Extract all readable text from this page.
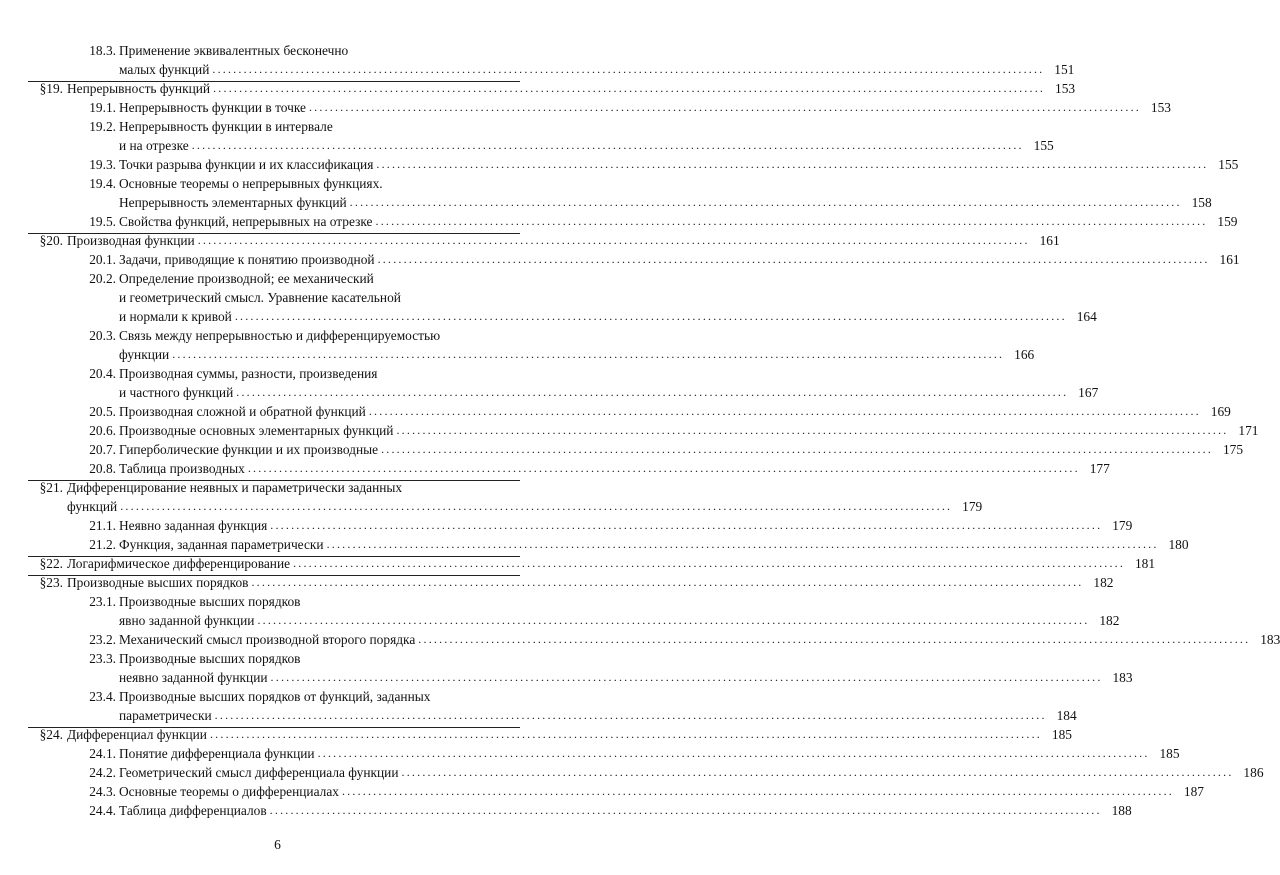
18.3. Применение эквивалентных бесконечно
малых функций .....	151
§19. Непрерывность функций .....	153
19.1. Непрерывность функции в точке .....	153
19.2. Непрерывность функции в интервале
и на отрезке .....	155
19.3. Точки разрыва функции и их классификация .....	155
19.4. Основные теоремы о непрерывных функциях.
Непрерывность элементарных функций .....	158
19.5. Свойства функций, непрерывных на отрезке .....	159
§20. Производная функции .....	161
20.1. Задачи, приводящие к понятию производной .....	161
20.2. Определение производной; ее механический
и геометрический смысл. Уравнение касательной
и нормали к кривой .....	164
20.3. Связь между непрерывностью и дифференцируемостью
функции .....	166
20.4. Производная суммы, разности, произведения
и частного функций .....	167
20.5. Производная сложной и обратной функций .....	169
20.6. Производные основных элементарных функций .....	171
20.7. Гиперболические функции и их производные .....	175
20.8. Таблица производных .....	177
§21. Дифференцирование неявных и параметрически заданных
функций .....	179
21.1. Неявно заданная функция .....	179
21.2. Функция, заданная параметрически .....	180
§22. Логарифмическое дифференцирование .....	181
§23. Производные высших порядков .....	182
23.1. Производные высших порядков
явно заданной функции .....	182
23.2. Механический смысл производной второго порядка .....	183
23.3. Производные высших порядков
неявно заданной функции .....	183
23.4. Производные высших порядков от функций, заданных
параметрически .....	184
§24. Дифференциал функции .....	185
24.1. Понятие дифференциала функции .....	185
24.2. Геометрический смысл дифференциала функции .....	186
24.3. Основные теоремы о дифференциалах .....	187
24.4. Таблица дифференциалов .....	188
6
